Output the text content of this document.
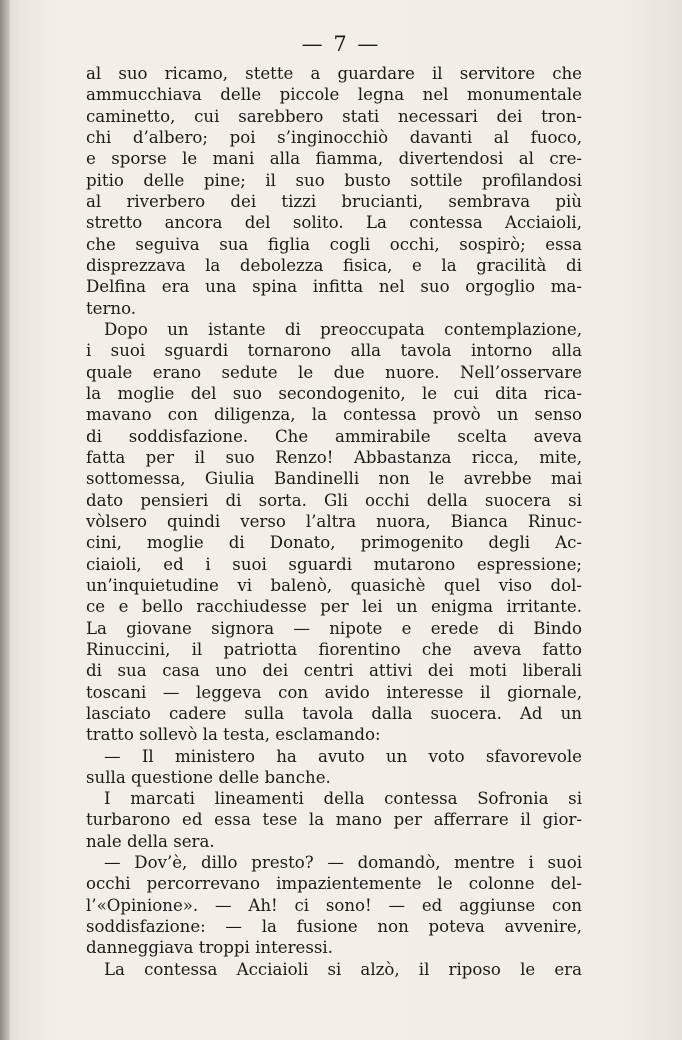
— 7 —
al suo ricamo, stette a guardare il servitore che
ammucchiava delle piccole legna nel monumentale
caminetto, cui sarebbero stati necessari dei tron-
chi d’albero; poi s’inginocchiò davanti al fuoco,
e sporse le mani alla fiamma, divertendosi al cre-
pitio delle pine; il suo busto sottile profilandosi
al riverbero dei tizzi brucianti, sembrava più
stretto ancora del solito. La contessa Acciaioli,
che seguiva sua figlia cogli occhi, sospirò; essa
disprezzava la debolezza fisica, e la gracilità di
Delfina era una spina infitta nel suo orgoglio ma-
terno.
Dopo un istante di preoccupata contemplazione,
i suoi sguardi tornarono alla tavola intorno alla
quale erano sedute le due nuore. Nell’osservare
la moglie del suo secondogenito, le cui dita rica-
mavano con diligenza, la contessa provò un senso
di soddisfazione. Che ammirabile scelta aveva
fatta per il suo Renzo! Abbastanza ricca, mite,
sottomessa, Giulia Bandinelli non le avrebbe mai
dato pensieri di sorta. Gli occhi della suocera si
vòlsero quindi verso l’altra nuora, Bianca Rinuc-
cini, moglie di Donato, primogenito degli Ac-
ciaioli, ed i suoi sguardi mutarono espressione;
un’inquietudine vi balenò, quasichè quel viso dol-
ce e bello racchiudesse per lei un enigma irritante.
La giovane signora — nipote e erede di Bindo
Rinuccini, il patriotta fiorentino che aveva fatto
di sua casa uno dei centri attivi dei moti liberali
toscani — leggeva con avido interesse il giornale,
lasciato cadere sulla tavola dalla suocera. Ad un
tratto sollevò la testa, esclamando:
— Il ministero ha avuto un voto sfavorevole
sulla questione delle banche.
I marcati lineamenti della contessa Sofronia si
turbarono ed essa tese la mano per afferrare il gior-
nale della sera.
— Dov’è, dillo presto? — domandò, mentre i suoi
occhi percorrevano impazientemente le colonne del-
l’«Opinione». — Ah! ci sono! — ed aggiunse con
soddisfazione: — la fusione non poteva avvenire,
danneggiava troppi interessi.
La contessa Acciaioli si alzò, il riposo le era
